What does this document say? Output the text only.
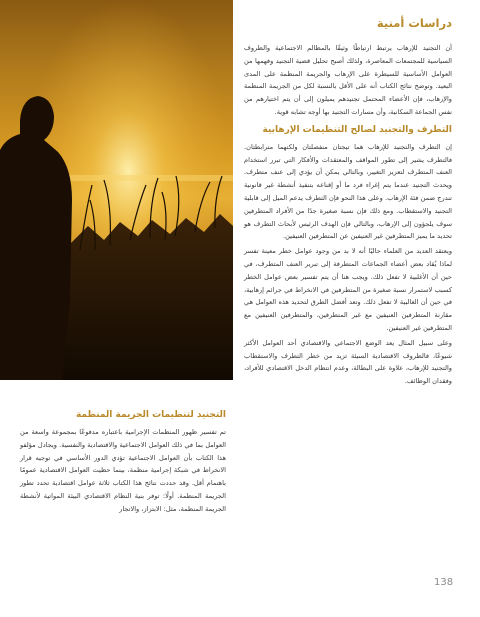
دراسات أمنية

أن التجنيد للإرهاب يرتبط ارتباطًا وثيقًا بالمظالم الاجتماعية والظروف السياسية للمجتمعات المعاصرة، ولذلك أصبح تحليل قضية التجنيد وفهمها من العوامل الأساسية للسيطرة على الإرهاب والجريمة المنظمة على المدى البعيد. وتوضح نتائج الكتاب أنه على الأقل بالنسبة لكل من الجريمة المنظمة والإرهاب، فإن الأعضاء المحتمل تجنيدهم يميلون إلى أن يتم اختيارهم من نفس الجماعة السكانية، وأن مسارات التجنيد بها أوجه تشابه قوية.

التطرف والتجنيد لصالح التنظيمات الإرهابية

إن التطرف والتجنيد للإرهاب هما تيجتان منفصلتان ولكنهما مترابطتان. فالتطرف يشير إلى تطور المواقف والمعتقدات والأفكار التي تبرر استخدام العنف المتطرف لتعزيز التغيير، وبالتالي يمكن أن يؤدي إلى عنف متطرف. ويحدث التجنيد عندما يتم إغراء فرد ما أو إقناعه بتنفيذ أنشطة غير قانونية تندرج ضمن فئة الإرهاب. وعلى هذا النحو فإن التطرف يدعم الميل إلى قابلية التجنيد والاستقطاب. ومع ذلك فإن نسبة صغيرة جدًا من الأفراد المتطرفين سوف يلجؤون إلى الإرهاب، وبالتالي فإن الهدف الرئيس لأبحاث التطرف هو تحديد ما يميز المتطرفين غير العنيفين عن المتطرفين العنيفين.

ويعتقد العديد من العلماء حاليًا أنه لا بد من وجود عوامل خطر معينة تفسر لماذا يُقاد بعض أعضاء الجماعات المتطرفة إلى تبرير العنف المتطرف، في حين أن الأغلبية لا تفعل ذلك. ويجب هنا أن يتم تفسير بعض عوامل الخطر كسبب لاستمرار نسبة صغيرة من المتطرفين في الانخراط في جرائم إرهابية، في حين أن الغالبية لا تفعل ذلك. وتعد أفضل الطرق لتحديد هذه العوامل هي مقارنة المتطرفين العنيفين مع غير المتطرفين، والمتطرفين العنيفين مع المتطرفين غير العنيفين.

وعلى سبيل المثال يعد الوضع الاجتماعي والاقتصادي أحد العوامل الأكثر شيوعًا، فالظروف الاقتصادية السيئة تزيد من خطر التطرف والاستقطاب والتجنيد للإرهاب، علاوة على البطالة، وعدم انتظام الدخل الاقتصادي للأفراد، وفقدان الوظائف.

التجنيد لتنظيمات الجريمة المنظمة

تم تفسير ظهور المنظمات الإجرامية باعتباره مدفوعًا بمجموعة واسعة من العوامل بما في ذلك العوامل الاجتماعية والاقتصادية والنفسية. ويجادل مؤلفو هذا الكتاب بأن العوامل الاجتماعية تؤدي الدور الأساسي في توجيه قرار الانخراط في شبكة إجرامية منظمة، بينما حظيت العوامل الاقتصادية عمومًا باهتمام أقل. وقد حددت نتائج هذا الكتاب ثلاثة عوامل اقتصادية تحدد تطور الجريمة المنظمة. أولًا: توفر بنية النظام الاقتصادي البيئة المواتية لأنشطة الجريمة المنظمة، مثل: الابتزاز، والاتجار

138
